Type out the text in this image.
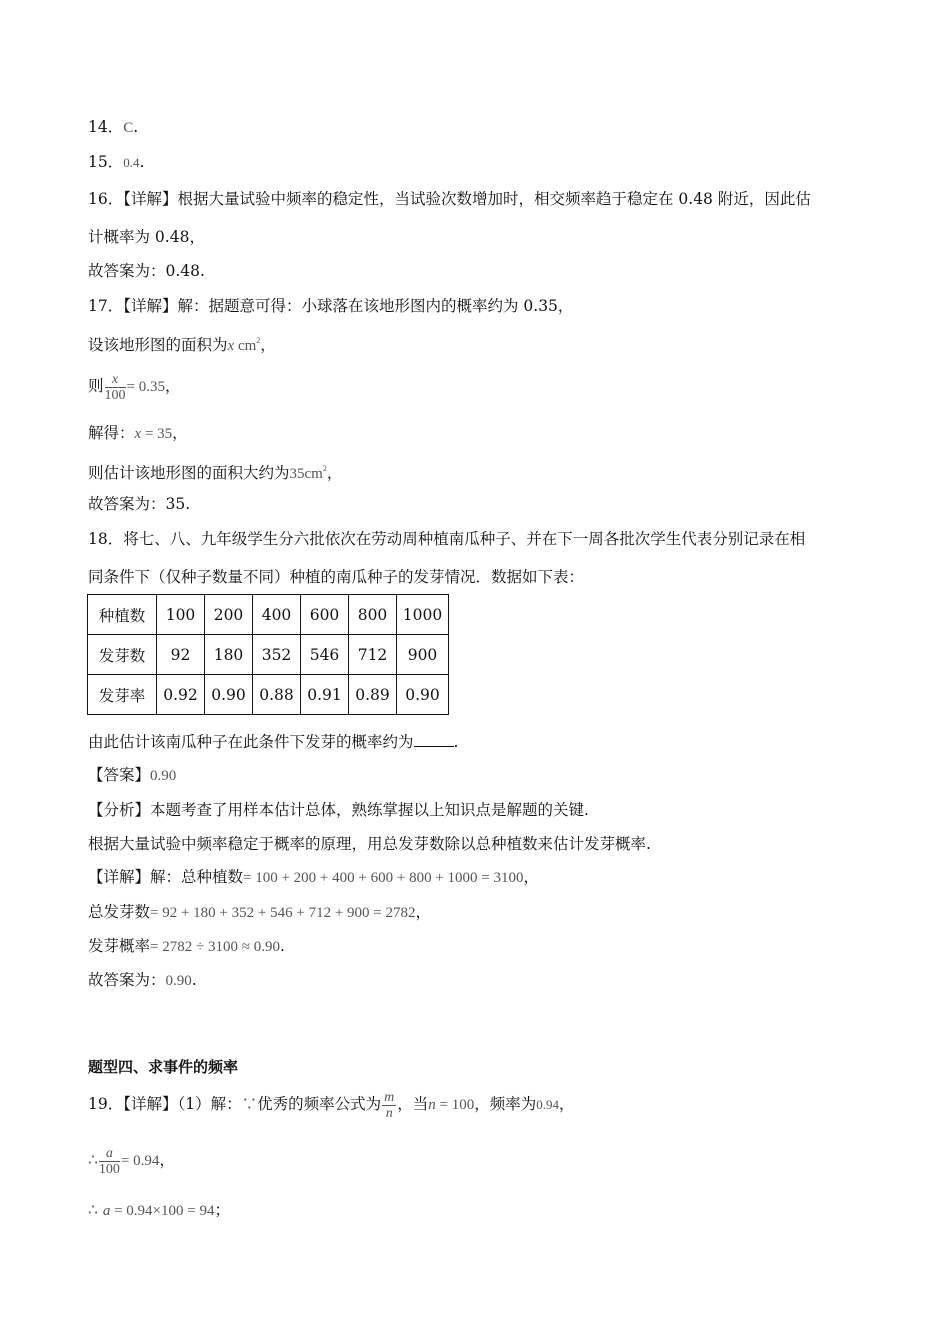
14．C.
15．0.4.
16．【详解】根据大量试验中频率的稳定性，当试验次数增加时，相交频率趋于稳定在 0.48 附近，因此估
计概率为 0.48，
故答案为：0.48.
17．【详解】解：据题意可得：小球落在该地形图内的概率约为 0.35，
设该地形图的面积为x $cm^2$，
则 $\frac{x}{100} = 0.35$，
解得：x = 35，
则估计该地形图的面积大约为$35cm^2$，
故答案为：35.
18．将七、八、九年级学生分六批依次在劳动周种植南瓜种子、并在下一周各批次学生代表分别记录在相
同条件下（仅种子数量不同）种植的南瓜种子的发芽情况．数据如下表：
种植数	100	200	400	600	800	1000
发芽数	92	180	352	546	712	900
发芽率	0.92	0.90	0.88	0.91	0.89	0.90
由此估计该南瓜种子在此条件下发芽的概率约为	.
【答案】0.90
【分析】本题考查了用样本估计总体，熟练掌握以上知识点是解题的关键.
根据大量试验中频率稳定于概率的原理，用总发芽数除以总种植数来估计发芽概率.
【详解】解：总种植数= 100 + 200 + 400 + 600 + 800 + 1000 = 3100，
总发芽数= 92 + 180 + 352 + 546 + 712 + 900 = 2782，
发芽概率= 2782 ÷ 3100 ≈ 0.90.
故答案为：0.90.
题型四、求事件的频率
19．【详解】（1）解：∵优秀的频率公式为 $\frac{m}{n}$ ，当n = 100，频率为0.94，
∴ $\frac{a}{100} = 0.94$，
∴ a = 0.94×100 = 94；
